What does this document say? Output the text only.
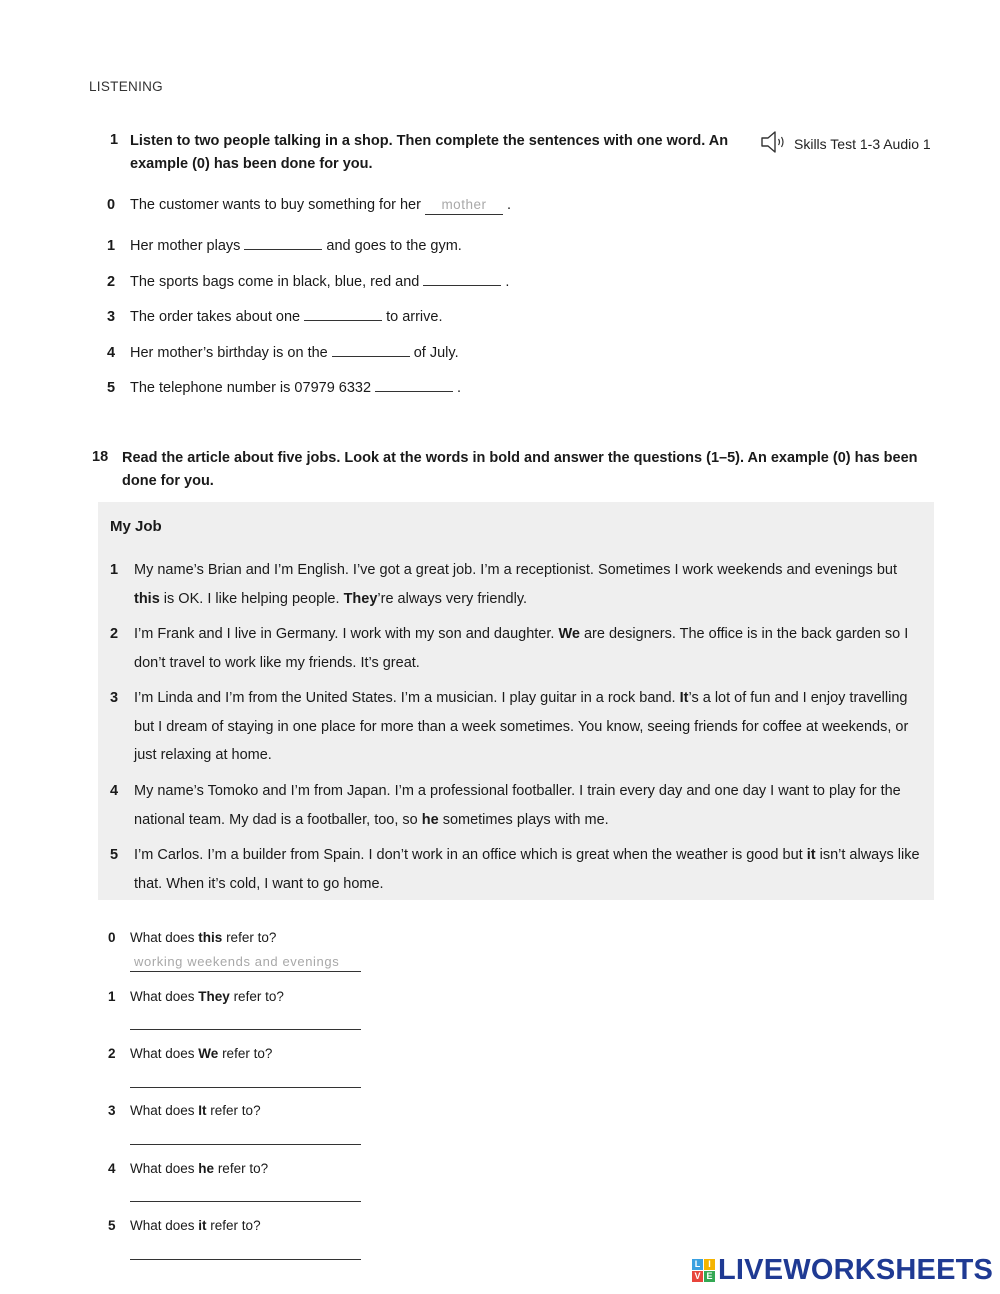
LISTENING
1 Listen to two people talking in a shop. Then complete the sentences with one word. An example (0) has been done for you.
Skills Test 1-3 Audio 1
0	The customer wants to buy something for her	mother	.
1	Her mother plays	and goes to the gym.
2	The sports bags come in black, blue, red and	.
3	The order takes about one	to arrive.
4	Her mother’s birthday is on the	of July.
5	The telephone number is 07979 6332	.
18 Read the article about five jobs. Look at the words in bold and answer the questions (1–5). An example (0) has been done for you.
My Job
1	My name’s Brian and I’m English. I’ve got a great job. I’m a receptionist. Sometimes I work weekends and evenings but this is OK. I like helping people. They’re always very friendly.
2	I’m Frank and I live in Germany. I work with my son and daughter. We are designers. The office is in the back garden so I don’t travel to work like my friends. It’s great.
3	I’m Linda and I’m from the United States. I’m a musician. I play guitar in a rock band. It’s a lot of fun and I enjoy travelling but I dream of staying in one place for more than a week sometimes. You know, seeing friends for coffee at weekends, or just relaxing at home.
4	My name’s Tomoko and I’m from Japan. I’m a professional footballer. I train every day and one day I want to play for the national team. My dad is a footballer, too, so he sometimes plays with me.
5	I’m Carlos. I’m a builder from Spain. I don’t work in an office which is great when the weather is good but it isn’t always like that. When it’s cold, I want to go home.
0	What does this refer to?
working weekends and evenings
1	What does They refer to?
2	What does We refer to?
3	What does It refer to?
4	What does he refer to?
5	What does it refer to?
L I
V E LIVEWORKSHEETS
